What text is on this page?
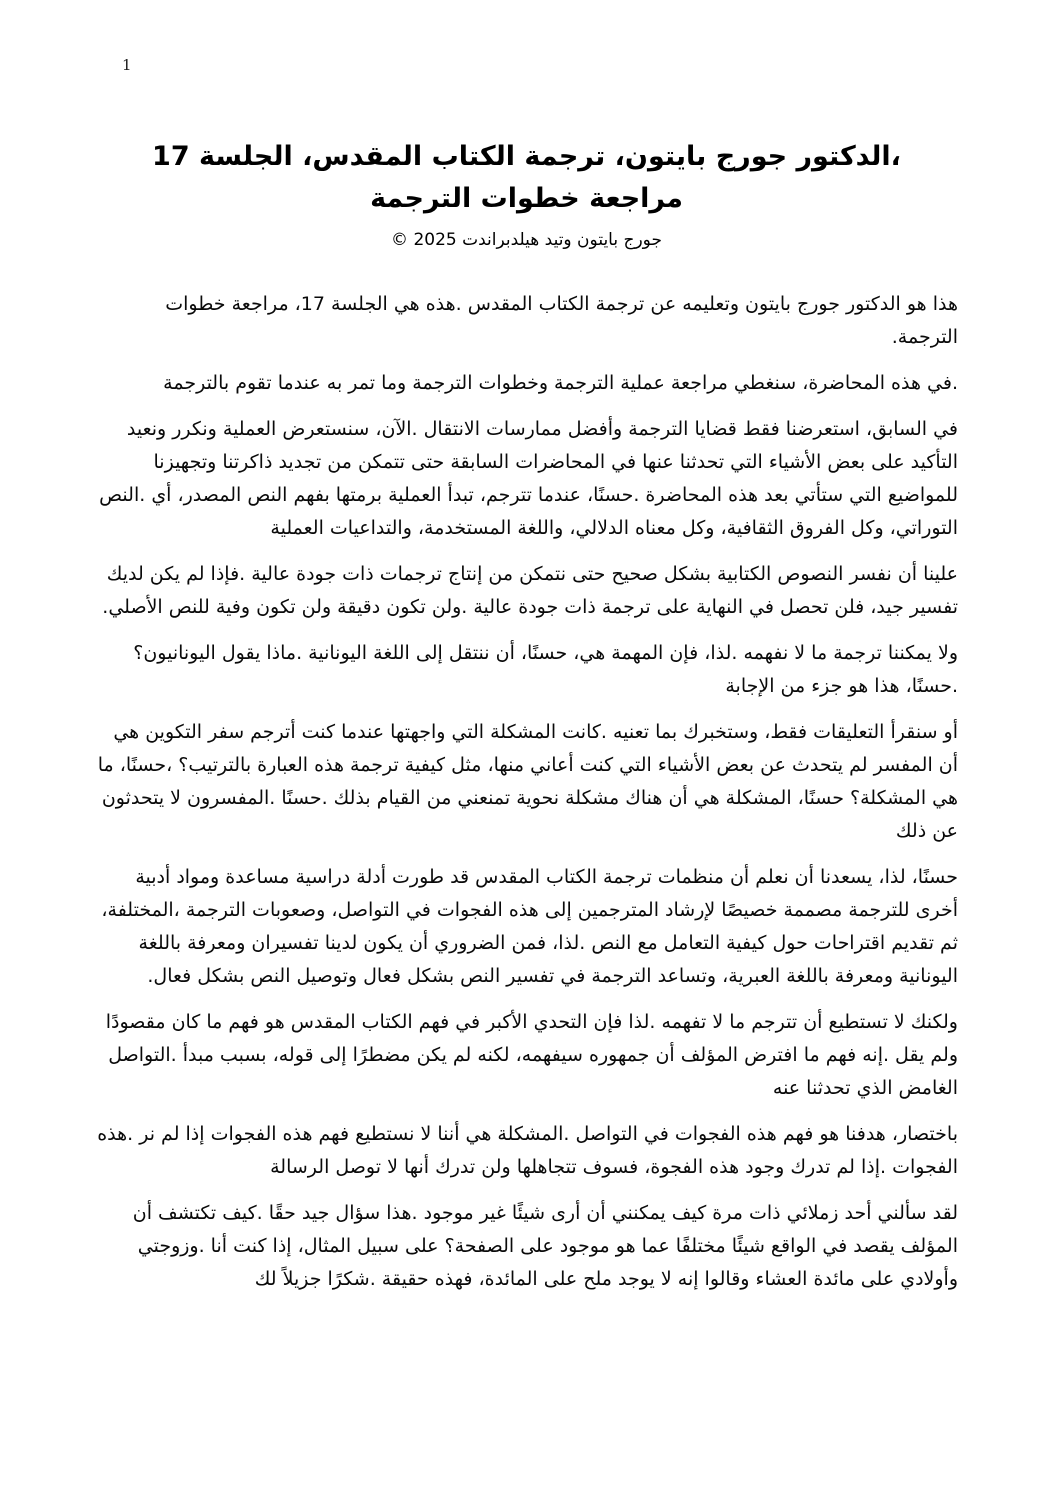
1
،الدكتور جورج بايتون، ترجمة الكتاب المقدس، الجلسة 17
مراجعة خطوات الترجمة
جورج بايتون وتيد هيلدبراندت 2025 ©

هذا هو الدكتور جورج بايتون وتعليمه عن ترجمة الكتاب المقدس .هذه هي الجلسة 17، مراجعة خطوات الترجمة.

.في هذه المحاضرة، سنغطي مراجعة عملية الترجمة وخطوات الترجمة وما تمر به عندما تقوم بالترجمة

في السابق، استعرضنا فقط قضايا الترجمة وأفضل ممارسات الانتقال .الآن، سنستعرض العملية ونكرر ونعيد التأكيد على بعض الأشياء التي تحدثنا عنها في المحاضرات السابقة حتى تتمكن من تجديد ذاكرتنا وتجهيزنا للمواضيع التي ستأتي بعد هذه المحاضرة .حسنًا، عندما تترجم، تبدأ العملية برمتها بفهم النص المصدر، أي .النص التوراتي، وكل الفروق الثقافية، وكل معناه الدلالي، واللغة المستخدمة، والتداعيات العملية

علينا أن نفسر النصوص الكتابية بشكل صحيح حتى نتمكن من إنتاج ترجمات ذات جودة عالية .فإذا لم يكن لديك تفسير جيد، فلن تحصل في النهاية على ترجمة ذات جودة عالية .ولن تكون دقيقة ولن تكون وفية للنص الأصلي.

ولا يمكننا ترجمة ما لا نفهمه .لذا، فإن المهمة هي، حسنًا، أن ننتقل إلى اللغة اليونانية .ماذا يقول اليونانيون؟ .حسنًا، هذا هو جزء من الإجابة

أو سنقرأ التعليقات فقط، وستخبرك بما تعنيه .كانت المشكلة التي واجهتها عندما كنت أترجم سفر التكوين هي أن المفسر لم يتحدث عن بعض الأشياء التي كنت أعاني منها، مثل كيفية ترجمة هذه العبارة بالترتيب؟ ،حسنًا، ما هي المشكلة؟ حسنًا، المشكلة هي أن هناك مشكلة نحوية تمنعني من القيام بذلك .حسنًا .المفسرون لا يتحدثون عن ذلك

حسنًا، لذا، يسعدنا أن نعلم أن منظمات ترجمة الكتاب المقدس قد طورت أدلة دراسية مساعدة ومواد أدبية أخرى للترجمة مصممة خصيصًا لإرشاد المترجمين إلى هذه الفجوات في التواصل، وصعوبات الترجمة ،المختلفة، ثم تقديم اقتراحات حول كيفية التعامل مع النص .لذا، فمن الضروري أن يكون لدينا تفسيران ومعرفة باللغة اليونانية ومعرفة باللغة العبرية، وتساعد الترجمة في تفسير النص بشكل فعال وتوصيل النص بشكل فعال.

ولكنك لا تستطيع أن تترجم ما لا تفهمه .لذا فإن التحدي الأكبر في فهم الكتاب المقدس هو فهم ما كان مقصودًا ولم يقل .إنه فهم ما افترض المؤلف أن جمهوره سيفهمه، لكنه لم يكن مضطرًا إلى قوله، بسبب مبدأ .التواصل الغامض الذي تحدثنا عنه

باختصار، هدفنا هو فهم هذه الفجوات في التواصل .المشكلة هي أننا لا نستطيع فهم هذه الفجوات إذا لم نر .هذه الفجوات .إذا لم تدرك وجود هذه الفجوة، فسوف تتجاهلها ولن تدرك أنها لا توصل الرسالة

لقد سألني أحد زملائي ذات مرة كيف يمكنني أن أرى شيئًا غير موجود .هذا سؤال جيد حقًا .كيف تكتشف أن المؤلف يقصد في الواقع شيئًا مختلفًا عما هو موجود على الصفحة؟ على سبيل المثال، إذا كنت أنا .وزوجتي وأولادي على مائدة العشاء وقالوا إنه لا يوجد ملح على المائدة، فهذه حقيقة .شكرًا جزيلاً لك
